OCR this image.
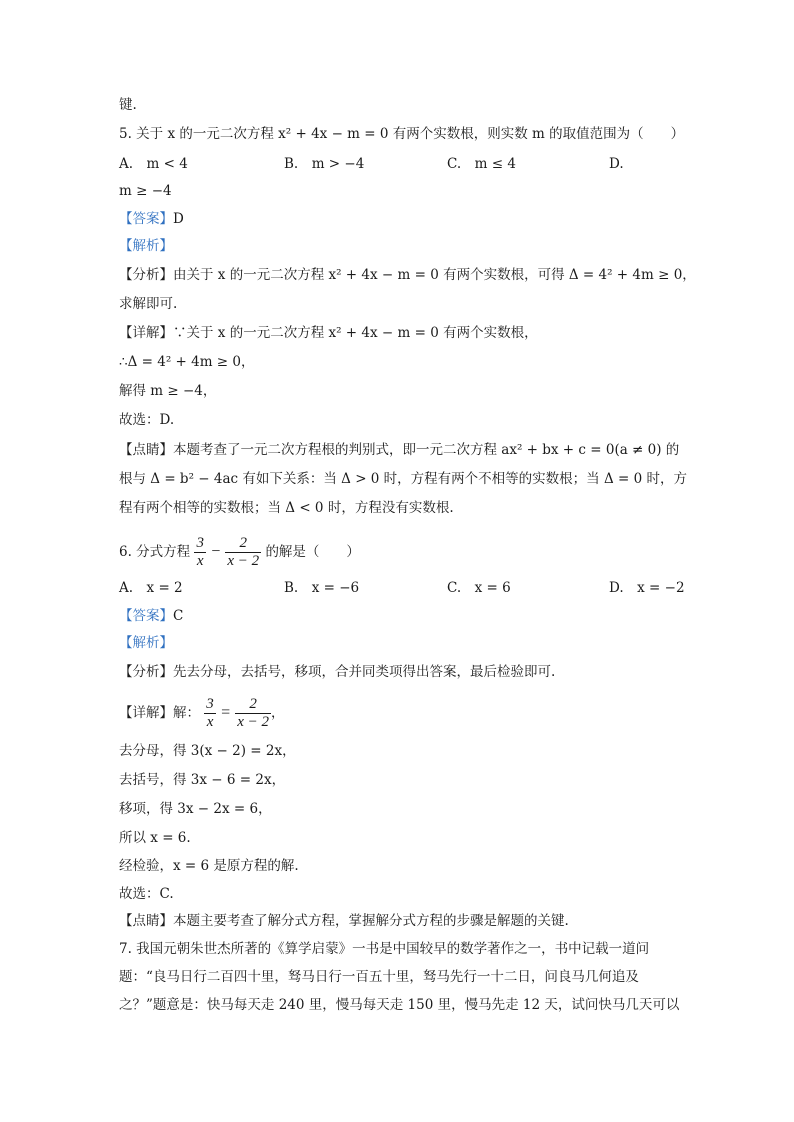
键.
5. 关于 x 的一元二次方程 x² + 4x − m = 0 有两个实数根，则实数 m 的取值范围为（　　）
A.　m < 4	B.　m > −4	C.　m ≤ 4	D.
m ≥ −4
【答案】D
【解析】
【分析】由关于 x 的一元二次方程 x² + 4x − m = 0 有两个实数根，可得 Δ = 4² + 4m ≥ 0，
求解即可.
【详解】∵关于 x 的一元二次方程 x² + 4x − m = 0 有两个实数根，
∴Δ = 4² + 4m ≥ 0，
解得 m ≥ −4，
故选：D.
【点睛】本题考查了一元二次方程根的判别式，即一元二次方程 ax² + bx + c = 0(a ≠ 0) 的
根与 Δ = b² − 4ac 有如下关系：当 Δ > 0 时，方程有两个不相等的实数根；当 Δ = 0 时，方
程有两个相等的实数根；当 Δ < 0 时，方程没有实数根.
6. 分式方程 $\frac{3}{x} - \frac{2}{x - 2}$ 的解是（　　）
A.　x = 2	B.　x = −6	C.　x = 6	D.　x = −2
【答案】C
【解析】
【分析】先去分母，去括号，移项，合并同类项得出答案，最后检验即可.
【详解】解： $\frac{3}{x} = \frac{2}{x - 2}$ ，
去分母，得 3(x − 2) = 2x，
去括号，得 3x − 6 = 2x，
移项，得 3x − 2x = 6，
所以 x = 6.
经检验，x = 6 是原方程的解.
故选：C.
【点睛】本题主要考查了解分式方程，掌握解分式方程的步骤是解题的关键.
7. 我国元朝朱世杰所著的《算学启蒙》一书是中国较早的数学著作之一，书中记载一道问
题：“良马日行二百四十里，驽马日行一百五十里，驽马先行一十二日，问良马几何追及
之？”题意是：快马每天走 240 里，慢马每天走 150 里，慢马先走 12 天，试问快马几天可以
